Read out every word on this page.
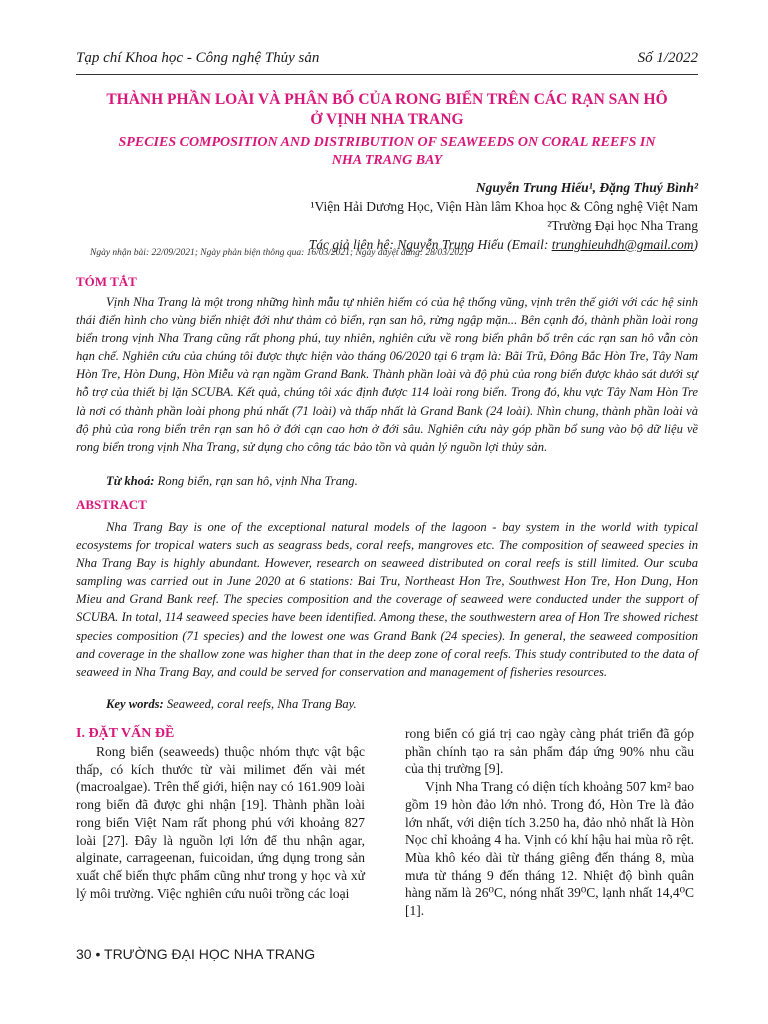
Tạp chí Khoa học - Công nghệ Thủy sản	Số 1/2022
THÀNH PHẦN LOÀI VÀ PHÂN BỐ CỦA RONG BIỂN TRÊN CÁC RẠN SAN HÔ
Ở VỊNH NHA TRANG
SPECIES COMPOSITION AND DISTRIBUTION OF SEAWEEDS ON CORAL REEFS IN
NHA TRANG BAY
Nguyễn Trung Hiếu¹, Đặng Thuý Bình²
¹Viện Hải Dương Học, Viện Hàn lâm Khoa học & Công nghệ Việt Nam
²Trường Đại học Nha Trang
Tác giả liên hệ: Nguyễn Trung Hiếu (Email: trunghieuhdh@gmail.com)
Ngày nhận bài: 22/09/2021; Ngày phản biện thông qua: 16/03/2021; Ngày duyệt đăng: 28/03/2021
TÓM TẮT

Vịnh Nha Trang là một trong những hình mẫu tự nhiên hiếm có của hệ thống vũng, vịnh trên thế giới với các hệ sinh thái điển hình cho vùng biển nhiệt đới như thảm cỏ biển, rạn san hô, rừng ngập mặn... Bên cạnh đó, thành phần loài rong biển trong vịnh Nha Trang cũng rất phong phú, tuy nhiên, nghiên cứu về rong biển phân bố trên các rạn san hô vẫn còn hạn chế. Nghiên cứu của chúng tôi được thực hiện vào tháng 06/2020 tại 6 trạm là: Bãi Trũ, Đông Bắc Hòn Tre, Tây Nam Hòn Tre, Hòn Dung, Hòn Miễu và rạn ngầm Grand Bank. Thành phần loài và độ phủ của rong biển được khảo sát dưới sự hỗ trợ của thiết bị lặn SCUBA. Kết quả, chúng tôi xác định được 114 loài rong biển. Trong đó, khu vực Tây Nam Hòn Tre là nơi có thành phần loài phong phú nhất (71 loài) và thấp nhất là Grand Bank (24 loài). Nhìn chung, thành phần loài và độ phủ của rong biển trên rạn san hô ở đới cạn cao hơn ở đới sâu. Nghiên cứu này góp phần bổ sung vào bộ dữ liệu về rong biển trong vịnh Nha Trang, sử dụng cho công tác bảo tồn và quản lý nguồn lợi thủy sản.

Từ khoá: Rong biển, rạn san hô, vịnh Nha Trang.
ABSTRACT

Nha Trang Bay is one of the exceptional natural models of the lagoon - bay system in the world with typical ecosystems for tropical waters such as seagrass beds, coral reefs, mangroves etc. The composition of seaweed species in Nha Trang Bay is highly abundant. However, research on seaweed distributed on coral reefs is still limited. Our scuba sampling was carried out in June 2020 at 6 stations: Bai Tru, Northeast Hon Tre, Southwest Hon Tre, Hon Dung, Hon Mieu and Grand Bank reef. The species composition and the coverage of seaweed were conducted under the support of SCUBA. In total, 114 seaweed species have been identified. Among these, the southwestern area of Hon Tre showed richest species composition (71 species) and the lowest one was Grand Bank (24 species). In general, the seaweed composition and coverage in the shallow zone was higher than that in the deep zone of coral reefs. This study contributed to the data of seaweed in Nha Trang Bay, and could be served for conservation and management of fisheries resources.

Key words: Seaweed, coral reefs, Nha Trang Bay.
I. ĐẶT VẤN ĐỀ

Rong biển (seaweeds) thuộc nhóm thực vật bậc thấp, có kích thước từ vài milimet đến vài mét (macroalgae). Trên thế giới, hiện nay có 161.909 loài rong biển đã được ghi nhận [19]. Thành phần loài rong biển Việt Nam rất phong phú với khoảng 827 loài [27]. Đây là nguồn lợi lớn để thu nhận agar, alginate, carrageenan, fuicoidan, ứng dụng trong sản xuất chế biến thực phẩm cũng như trong y học và xử lý môi trường. Việc nghiên cứu nuôi trồng các loại

rong biển có giá trị cao ngày càng phát triển đã góp phần chính tạo ra sản phẩm đáp ứng 90% nhu cầu của thị trường [9].

Vịnh Nha Trang có diện tích khoảng 507 km² bao gồm 19 hòn đảo lớn nhỏ. Trong đó, Hòn Tre là đảo lớn nhất, với diện tích 3.250 ha, đảo nhỏ nhất là Hòn Nọc chỉ khoảng 4 ha. Vịnh có khí hậu hai mùa rõ rệt. Mùa khô kéo dài từ tháng giêng đến tháng 8, mùa mưa từ tháng 9 đến tháng 12. Nhiệt độ bình quân hàng năm là 26⁰C, nóng nhất 39⁰C, lạnh nhất 14,4⁰C [1].

30 • TRƯỜNG ĐẠI HỌC NHA TRANG
